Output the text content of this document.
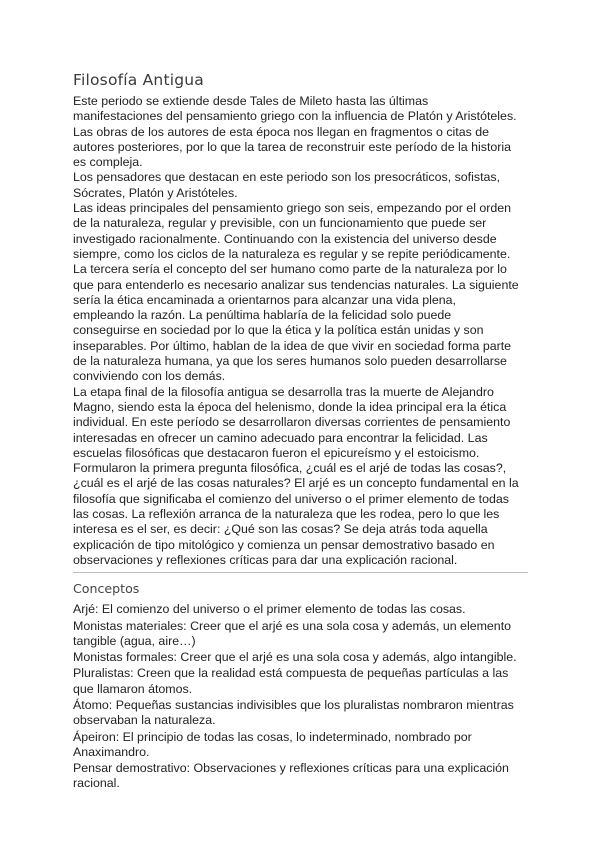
Filosofía Antigua

Este periodo se extiende desde Tales de Mileto hasta las últimas manifestaciones del pensamiento griego con la influencia de Platón y Aristóteles. Las obras de los autores de esta época nos llegan en fragmentos o citas de autores posteriores, por lo que la tarea de reconstruir este período de la historia es compleja.

Los pensadores que destacan en este periodo son los presocráticos, sofistas, Sócrates, Platón y Aristóteles.

Las ideas principales del pensamiento griego son seis, empezando por el orden de la naturaleza, regular y previsible, con un funcionamiento que puede ser investigado racionalmente. Continuando con la existencia del universo desde siempre, como los ciclos de la naturaleza es regular y se repite periódicamente. La tercera sería el concepto del ser humano como parte de la naturaleza por lo que para entenderlo es necesario analizar sus tendencias naturales. La siguiente sería la ética encaminada a orientarnos para alcanzar una vida plena, empleando la razón. La penúltima hablaría de la felicidad solo puede conseguirse en sociedad por lo que la ética y la política están unidas y son inseparables. Por último, hablan de la idea de que vivir en sociedad forma parte de la naturaleza humana, ya que los seres humanos solo pueden desarrollarse conviviendo con los demás.

La etapa final de la filosofía antigua se desarrolla tras la muerte de Alejandro Magno, siendo esta la época del helenismo, donde la idea principal era la ética individual. En este período se desarrollaron diversas corrientes de pensamiento interesadas en ofrecer un camino adecuado para encontrar la felicidad. Las escuelas filosóficas que destacaron fueron el epicureísmo y el estoicismo.

Formularon la primera pregunta filosófica, ¿cuál es el arjé de todas las cosas?, ¿cuál es el arjé de las cosas naturales? El arjé es un concepto fundamental en la filosofía que significaba el comienzo del universo o el primer elemento de todas las cosas. La reflexión arranca de la naturaleza que les rodea, pero lo que les interesa es el ser, es decir: ¿Qué son las cosas? Se deja atrás toda aquella explicación de tipo mitológico y comienza un pensar demostrativo basado en observaciones y reflexiones críticas para dar una explicación racional.

Conceptos

Arjé: El comienzo del universo o el primer elemento de todas las cosas.

Monistas materiales: Creer que el arjé es una sola cosa y además, un elemento tangible (agua, aire…)

Monistas formales: Creer que el arjé es una sola cosa y además, algo intangible.

Pluralistas: Creen que la realidad está compuesta de pequeñas partículas a las que llamaron átomos.

Átomo: Pequeñas sustancias indivisibles que los pluralistas nombraron mientras observaban la naturaleza.

Ápeiron: El principio de todas las cosas, lo indeterminado, nombrado por Anaximandro.

Pensar demostrativo: Observaciones y reflexiones críticas para una explicación racional.
